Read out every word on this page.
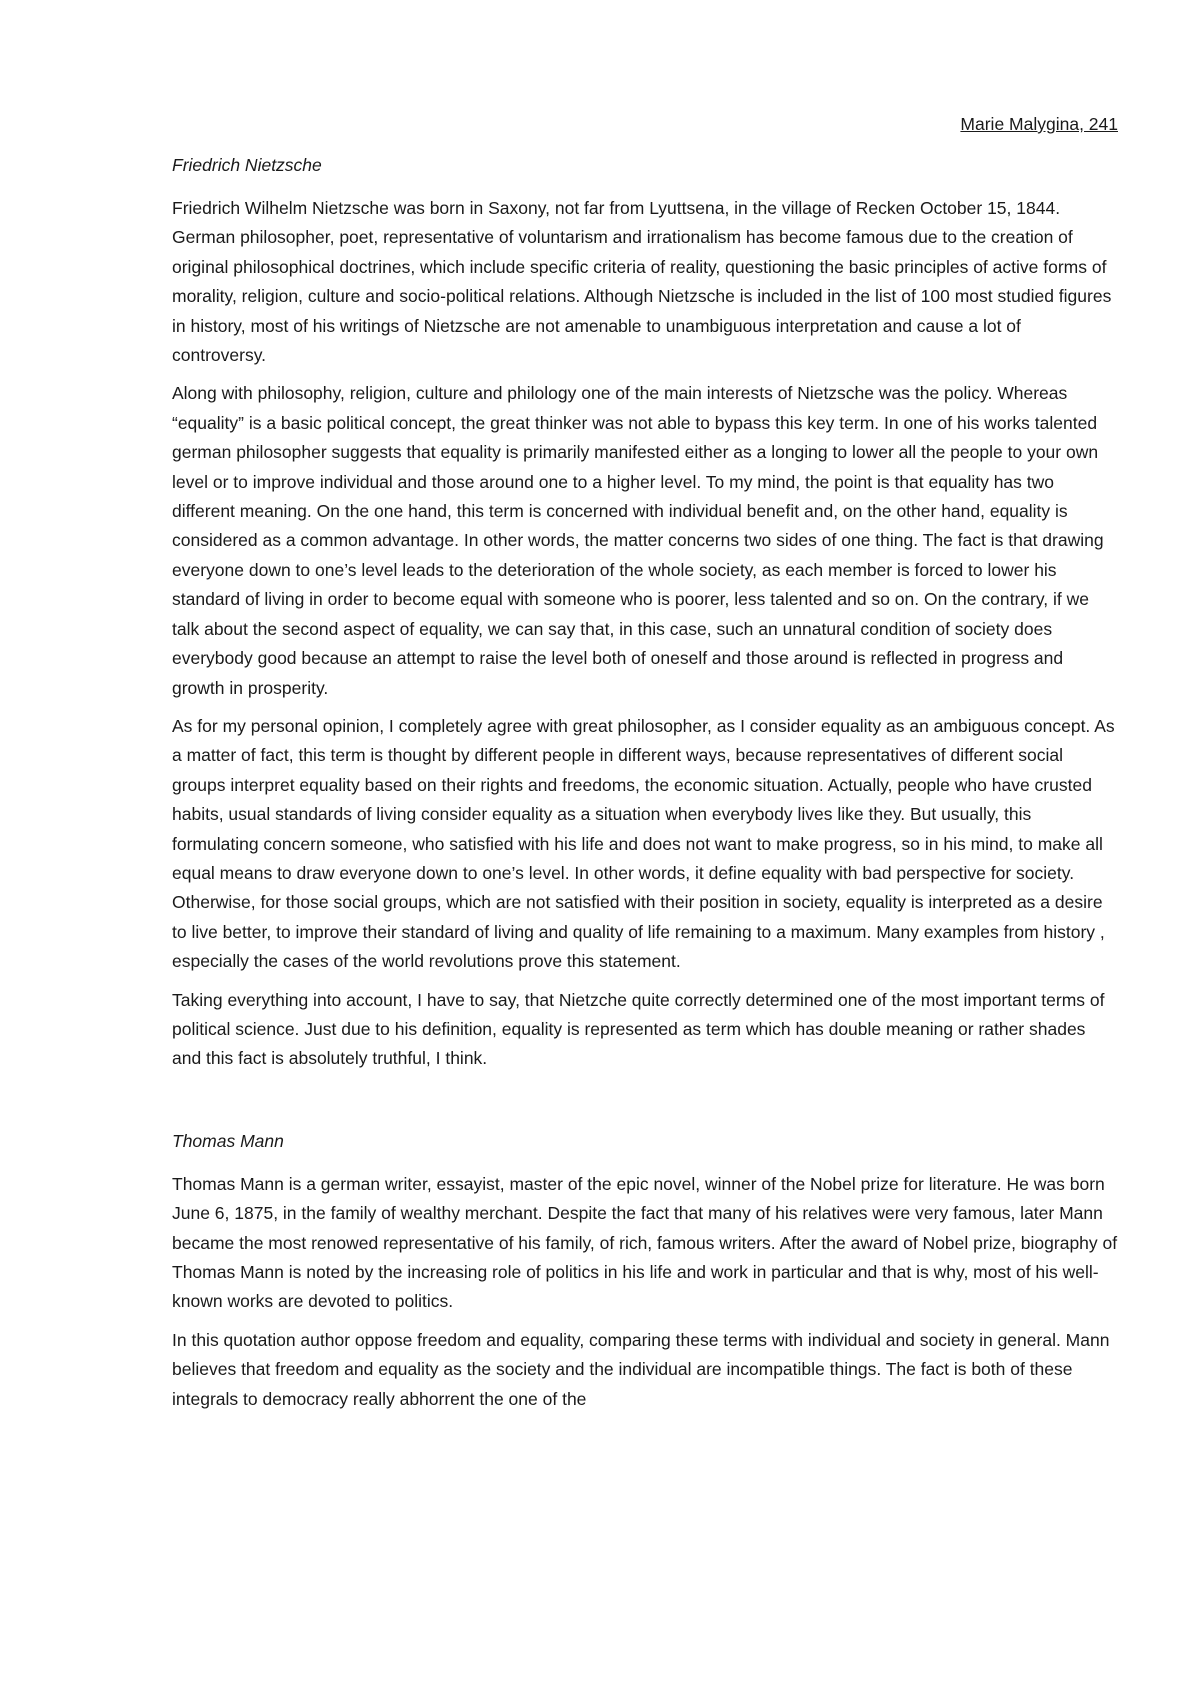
Marie Malygina, 241

Friedrich Nietzsche

Friedrich Wilhelm Nietzsche was born in Saxony, not far from Lyuttsena, in the village of Recken October 15, 1844. German philosopher, poet, representative of voluntarism and irrationalism has become famous due to the creation of original philosophical doctrines, which include specific criteria of reality, questioning the basic principles of active forms of morality, religion, culture and socio-political relations. Although Nietzsche is included in the list of 100 most studied figures in history, most of his writings of Nietzsche are not amenable to unambiguous interpretation and cause a lot of controversy.

Along with philosophy, religion, culture and philology one of the main interests of Nietzsche was the policy. Whereas “equality” is a basic political concept, the great thinker was not able to bypass this key term. In one of his works talented german philosopher suggests that equality is primarily manifested either as a longing to lower all the people to your own level or to improve individual and those around one to a higher level. To my mind, the point is that equality has two different meaning. On the one hand, this term is concerned with individual benefit and, on the other hand, equality is considered as a common advantage. In other words, the matter concerns two sides of one thing. The fact is that drawing everyone down to one’s level leads to the deterioration of the whole society, as each member is forced to lower his standard of living in order to become equal with someone who is poorer, less talented and so on. On the contrary, if we talk about the second aspect of equality, we can say that, in this case, such an unnatural condition of society does everybody good because an attempt to raise the level both of oneself and those around is reflected in progress and growth in prosperity.

As for my personal opinion, I completely agree with great philosopher, as I consider equality as an ambiguous concept. As a matter of fact, this term is thought by different people in different ways, because representatives of different social groups interpret equality based on their rights and freedoms, the economic situation. Actually, people who have crusted habits, usual standards of living consider equality as a situation when everybody lives like they. But usually, this formulating concern someone, who satisfied with his life and does not want to make progress, so in his mind, to make all equal means to draw everyone down to one’s level. In other words, it define equality with bad perspective for society. Otherwise, for those social groups, which are not satisfied with their position in society, equality is interpreted as a desire to live better, to improve their standard of living and quality of life remaining to a maximum. Many examples from history , especially the cases of the world revolutions prove this statement.

Taking everything into account, I have to say, that Nietzche quite correctly determined one of the most important terms of political science. Just due to his definition, equality is represented as term which has double meaning or rather shades and this fact is absolutely truthful, I think.

Thomas Mann

Thomas Mann is a german writer, essayist, master of the epic novel, winner of the Nobel prize for literature. He was born June 6, 1875, in the family of wealthy merchant. Despite the fact that many of his relatives were very famous, later Mann became the most renowed representative of his family, of rich, famous writers. After the award of Nobel prize, biography of Thomas Mann is noted by the increasing role of politics in his life and work in particular and that is why, most of his well-known works are devoted to politics.

In this quotation author oppose freedom and equality, comparing these terms with individual and society in general. Mann believes that freedom and equality as the society and the individual are incompatible things. The fact is both of these integrals to democracy really abhorrent the one of the
